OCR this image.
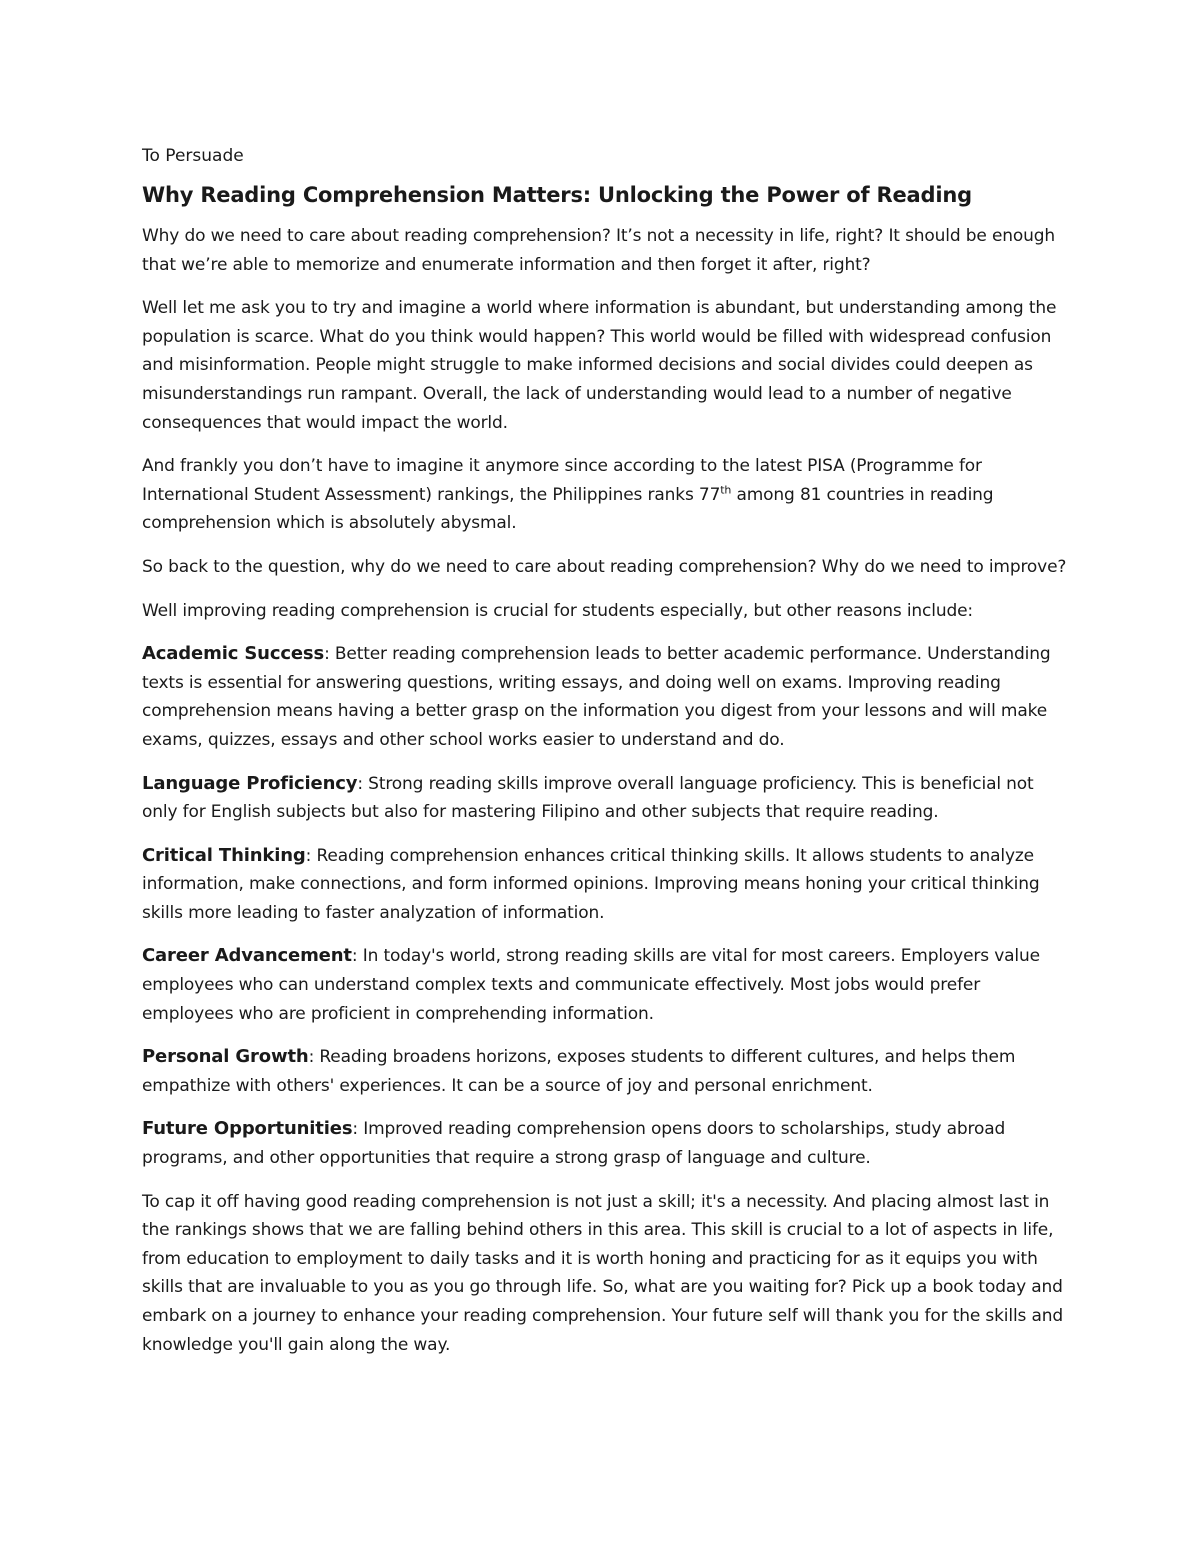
To Persuade
Why Reading Comprehension Matters: Unlocking the Power of Reading

Why do we need to care about reading comprehension? It’s not a necessity in life, right? It should be enough that we’re able to memorize and enumerate information and then forget it after, right?

Well let me ask you to try and imagine a world where information is abundant, but understanding among the population is scarce. What do you think would happen? This world would be filled with widespread confusion and misinformation. People might struggle to make informed decisions and social divides could deepen as misunderstandings run rampant. Overall, the lack of understanding would lead to a number of negative consequences that would impact the world.

And frankly you don’t have to imagine it anymore since according to the latest PISA (Programme for International Student Assessment) rankings, the Philippines ranks 77th among 81 countries in reading comprehension which is absolutely abysmal.

So back to the question, why do we need to care about reading comprehension? Why do we need to improve?

Well improving reading comprehension is crucial for students especially, but other reasons include:

Academic Success: Better reading comprehension leads to better academic performance. Understanding texts is essential for answering questions, writing essays, and doing well on exams. Improving reading comprehension means having a better grasp on the information you digest from your lessons and will make exams, quizzes, essays and other school works easier to understand and do.

Language Proficiency: Strong reading skills improve overall language proficiency. This is beneficial not only for English subjects but also for mastering Filipino and other subjects that require reading.

Critical Thinking: Reading comprehension enhances critical thinking skills. It allows students to analyze information, make connections, and form informed opinions. Improving means honing your critical thinking skills more leading to faster analyzation of information.

Career Advancement: In today's world, strong reading skills are vital for most careers. Employers value employees who can understand complex texts and communicate effectively. Most jobs would prefer employees who are proficient in comprehending information.

Personal Growth: Reading broadens horizons, exposes students to different cultures, and helps them empathize with others' experiences. It can be a source of joy and personal enrichment.

Future Opportunities: Improved reading comprehension opens doors to scholarships, study abroad programs, and other opportunities that require a strong grasp of language and culture.

To cap it off having good reading comprehension is not just a skill; it's a necessity. And placing almost last in the rankings shows that we are falling behind others in this area. This skill is crucial to a lot of aspects in life, from education to employment to daily tasks and it is worth honing and practicing for as it equips you with skills that are invaluable to you as you go through life. So, what are you waiting for? Pick up a book today and embark on a journey to enhance your reading comprehension. Your future self will thank you for the skills and knowledge you'll gain along the way.
